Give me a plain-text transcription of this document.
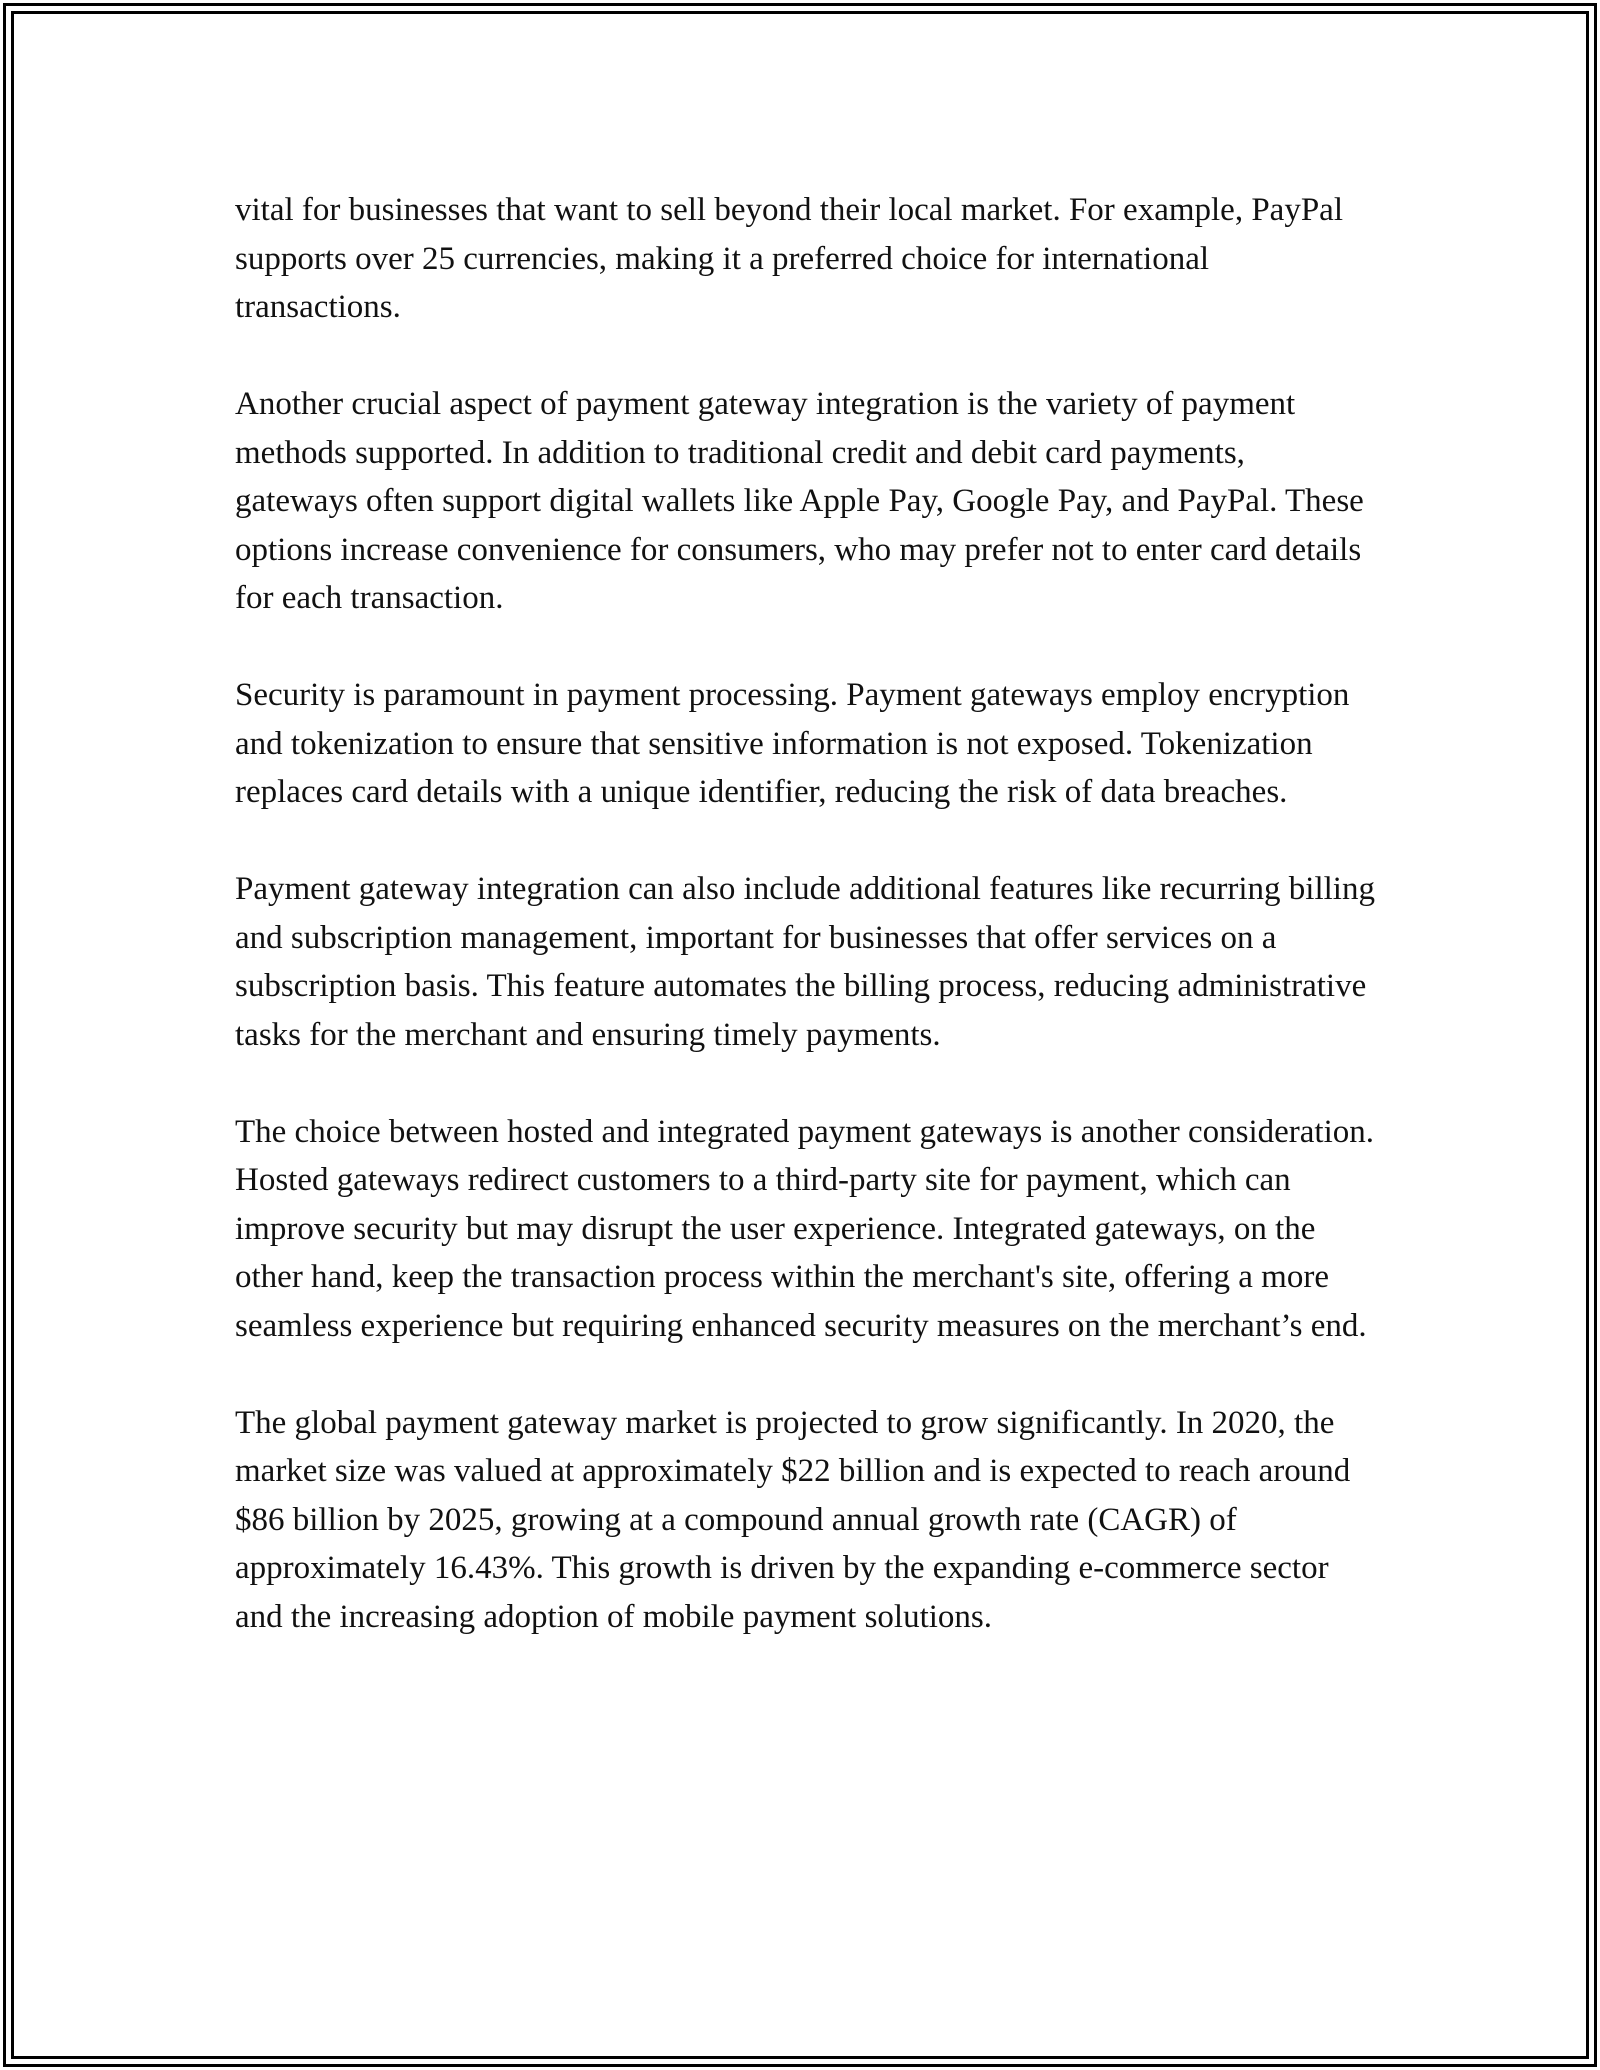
vital for businesses that want to sell beyond their local market. For example, PayPal supports over 25 currencies, making it a preferred choice for international transactions.

Another crucial aspect of payment gateway integration is the variety of payment methods supported. In addition to traditional credit and debit card payments, gateways often support digital wallets like Apple Pay, Google Pay, and PayPal. These options increase convenience for consumers, who may prefer not to enter card details for each transaction.

Security is paramount in payment processing. Payment gateways employ encryption and tokenization to ensure that sensitive information is not exposed. Tokenization replaces card details with a unique identifier, reducing the risk of data breaches.

Payment gateway integration can also include additional features like recurring billing and subscription management, important for businesses that offer services on a subscription basis. This feature automates the billing process, reducing administrative tasks for the merchant and ensuring timely payments.

The choice between hosted and integrated payment gateways is another consideration. Hosted gateways redirect customers to a third-party site for payment, which can improve security but may disrupt the user experience. Integrated gateways, on the other hand, keep the transaction process within the merchant's site, offering a more seamless experience but requiring enhanced security measures on the merchant’s end.

The global payment gateway market is projected to grow significantly. In 2020, the market size was valued at approximately $22 billion and is expected to reach around $86 billion by 2025, growing at a compound annual growth rate (CAGR) of approximately 16.43%. This growth is driven by the expanding e-commerce sector and the increasing adoption of mobile payment solutions.
